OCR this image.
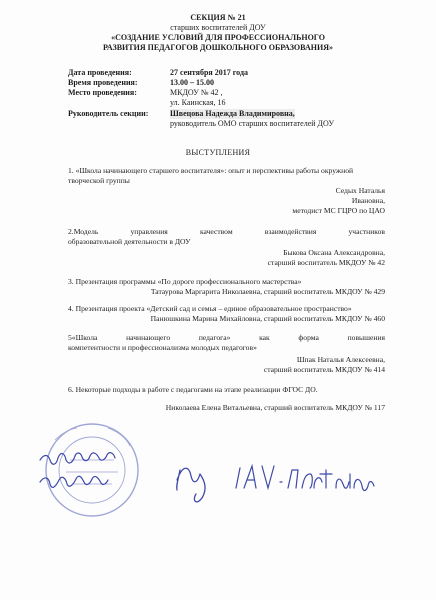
СЕКЦИЯ № 21
старших воспитателей ДОУ
«СОЗДАНИЕ УСЛОВИЙ ДЛЯ ПРОФЕССИОНАЛЬНОГО
РАЗВИТИЯ ПЕДАГОГОВ ДОШКОЛЬНОГО ОБРАЗОВАНИЯ»
Дата проведения:	27 сентября 2017 года
Время проведения:	13.00 – 15.00
Место проведения:	МКДОУ № 42 ,
ул. Каинская, 16
Руководитель секции:	Швецова Надежда Владимировна,
руководитель ОМО старших воспитателей ДОУ
ВЫСТУПЛЕНИЯ
1. «Школа начинающего старшего воспитателя»: опыт и перспективы работы окружной
творческой группы
Седых Наталья
Ивановна,
методист МС ГЦРО по ЦАО
2.Модель	управления	качеством	взаимодействия	участников
образовательной деятельности в ДОУ
Быкова Оксана Александровна,
старший воспитатель МКДОУ № 42
3. Презентация программы «По дороге профессионального мастерства»
Татаурова Маргарита Николаевна, старший воспитатель МКДОУ № 429
4. Презентация проекта «Детский сад и семья – единое образовательное пространство»
Панюшкина Марина Михайловна, старший воспитатель МКДОУ № 460
5«Школа	начинающего	педагога»	как	форма	повышения
компетентности и профессионализма молодых педагогов»
Шпак Наталья Алексеевна,
старший воспитатель МКДОУ № 414
6. Некоторые подходы в работе с педагогами на этапе реализации ФГОС ДО.
Николаева Елена Витальевна, старший воспитатель МКДОУ № 117
